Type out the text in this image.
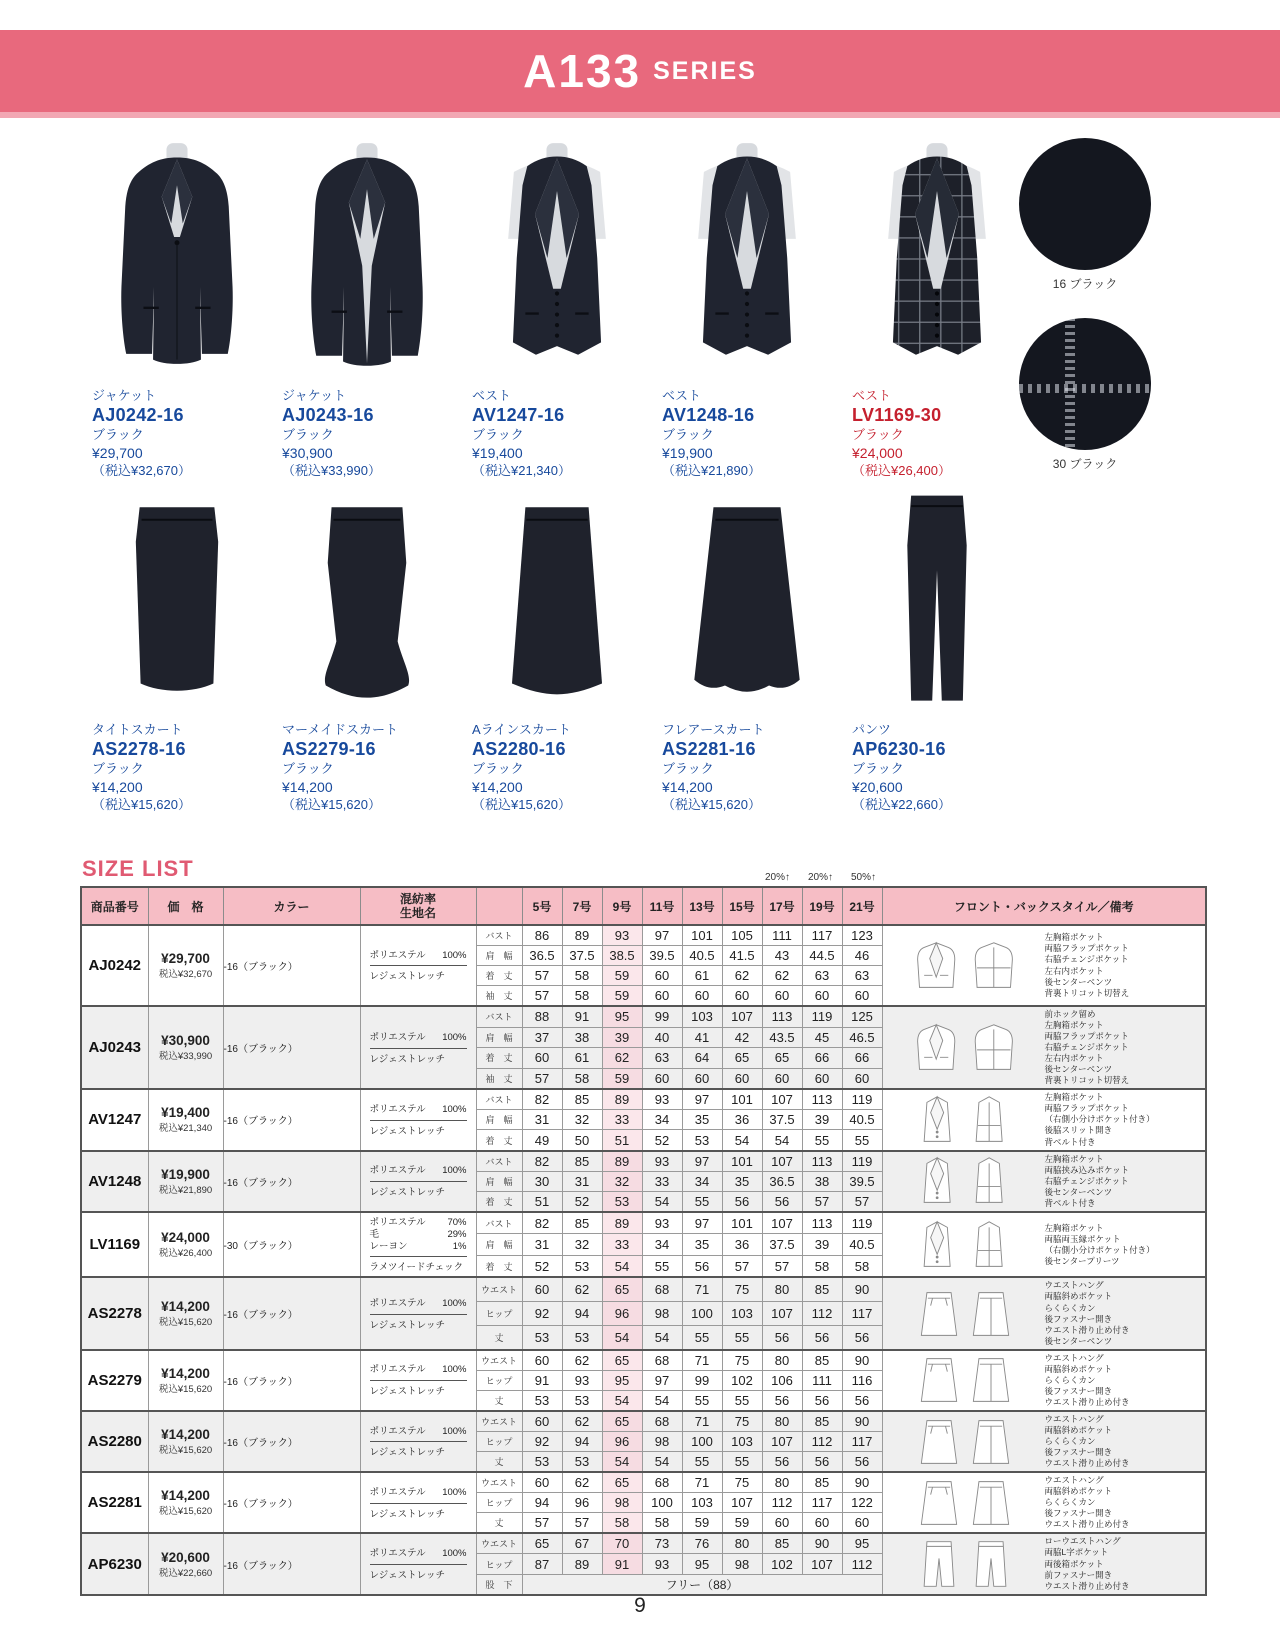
A133 SERIES
ジャケット
AJ0242-16
ブラック
¥29,700
（税込¥32,670）
ジャケット
AJ0243-16
ブラック
¥30,900
（税込¥33,990）
ベスト
AV1247-16
ブラック
¥19,400
（税込¥21,340）
ベスト
AV1248-16
ブラック
¥19,900
（税込¥21,890）
ベスト
LV1169-30
ブラック
¥24,000
（税込¥26,400）
16 ブラック
30 ブラック
タイトスカート
AS2278-16
ブラック
¥14,200
（税込¥15,620）
マーメイドスカート
AS2279-16
ブラック
¥14,200
（税込¥15,620）
Aラインスカート
AS2280-16
ブラック
¥14,200
（税込¥15,620）
フレアースカート
AS2281-16
ブラック
¥14,200
（税込¥15,620）
パンツ
AP6230-16
ブラック
¥20,600
（税込¥22,660）
SIZE LIST	20%↑	20%↑	50%↑
商品番号	価　格	カラー	混紡率
生地名		5号	7号	9号	11号	13号	15号	17号	19号	21号	フロント・バックスタイル／備考
AJ0242	¥29,700
税込¥32,670
	-16（ブラック）	
ポリエステル 100%
レジェストレッチ
	バスト	86	89	93	97	101	105	111	117	123	左胸箱ポケット
両脇フラップポケット
右脇チェンジポケット
左右内ポケット
後センターベンツ
背裏トリコット切替え

				肩　幅	36.5	37.5	38.5	39.5	40.5	41.5	43	44.5	46	
				着　丈	57	58	59	60	61	62	62	63	63	
				袖　丈	57	58	59	60	60	60	60	60	60	
AJ0243	¥30,900
税込¥33,990
	-16（ブラック）	
ポリエステル 100%
レジェストレッチ
	バスト	88	91	95	99	103	107	113	119	125	前ホック留め
左胸箱ポケット
両脇フラップポケット
右脇チェンジポケット
左右内ポケット
後センターベンツ
背裏トリコット切替え

				肩　幅	37	38	39	40	41	42	43.5	45	46.5	
				着　丈	60	61	62	63	64	65	65	66	66	
				袖　丈	57	58	59	60	60	60	60	60	60	
AV1247	¥19,400
税込¥21,340
	-16（ブラック）	
ポリエステル 100%
レジェストレッチ
	バスト	82	85	89	93	97	101	107	113	119	左胸箱ポケット
両脇フラップポケット
（右側小分けポケット付き）
後脇スリット開き
背ベルト付き

				肩　幅	31	32	33	34	35	36	37.5	39	40.5	
				着　丈	49	50	51	52	53	54	54	55	55	
AV1248	¥19,900
税込¥21,890
	-16（ブラック）	
ポリエステル 100%
レジェストレッチ
	バスト	82	85	89	93	97	101	107	113	119	左胸箱ポケット
両脇挟み込みポケット
右脇チェンジポケット
後センターベンツ
背ベルト付き

				肩　幅	30	31	32	33	34	35	36.5	38	39.5	
				着　丈	51	52	53	54	55	56	56	57	57	
LV1169	¥24,000
税込¥26,400
	-30（ブラック）	
ポリエステル 70%
毛	29%
レーヨン	1%
ラメツイードチェック
	バスト	82	85	89	93	97	101	107	113	119	左胸箱ポケット
両脇両玉縁ポケット
（右側小分けポケット付き）
後センタープリーツ

				肩　幅	31	32	33	34	35	36	37.5	39	40.5	
				着　丈	52	53	54	55	56	57	57	58	58	
AS2278	¥14,200
税込¥15,620
	-16（ブラック）	
ポリエステル 100%
レジェストレッチ
	ウエスト	60	62	65	68	71	75	80	85	90	ウエストハング
両脇斜めポケット
らくらくカン
後ファスナー開き
ウエスト滑り止め付き
後センターベンツ

				ヒップ	92	94	96	98	100	103	107	112	117	
				丈	53	53	54	54	55	55	56	56	56	
AS2279	¥14,200
税込¥15,620
	-16（ブラック）	
ポリエステル 100%
レジェストレッチ
	ウエスト	60	62	65	68	71	75	80	85	90	ウエストハング
両脇斜めポケット
らくらくカン
後ファスナー開き
ウエスト滑り止め付き

				ヒップ	91	93	95	97	99	102	106	111	116	
				丈	53	53	54	54	55	55	56	56	56	
AS2280	¥14,200
税込¥15,620
	-16（ブラック）	
ポリエステル 100%
レジェストレッチ
	ウエスト	60	62	65	68	71	75	80	85	90	ウエストハング
両脇斜めポケット
らくらくカン
後ファスナー開き
ウエスト滑り止め付き

				ヒップ	92	94	96	98	100	103	107	112	117	
				丈	53	53	54	54	55	55	56	56	56	
AS2281	¥14,200
税込¥15,620
	-16（ブラック）	
ポリエステル 100%
レジェストレッチ
	ウエスト	60	62	65	68	71	75	80	85	90	ウエストハング
両脇斜めポケット
らくらくカン
後ファスナー開き
ウエスト滑り止め付き

				ヒップ	94	96	98	100	103	107	112	117	122	
				丈	57	57	58	58	59	59	60	60	60	
AP6230	¥20,600
税込¥22,660
	-16（ブラック）	
ポリエステル 100%
レジェストレッチ
	ウエスト	65	67	70	73	76	80	85	90	95	ローウエストハング
両脇L字ポケット
両後箱ポケット
前ファスナー開き
ウエスト滑り止め付き

				ヒップ	87	89	91	93	95	98	102	107	112	
				股　下	フリー（88）									
9
